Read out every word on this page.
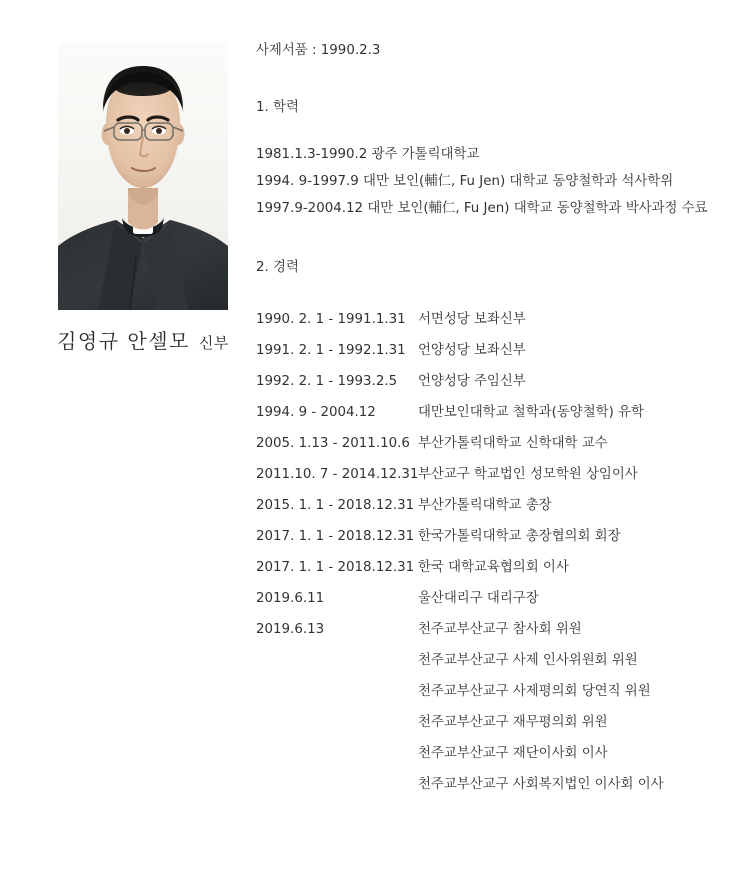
김영규 안셀모 신부
사제서품 : 1990.2.3
1. 학력
1981.1.3-1990.2 광주 가톨릭대학교
1994. 9-1997.9 대만 보인(輔仁, Fu Jen) 대학교 동양철학과 석사학위
1997.9-2004.12 대만 보인(輔仁, Fu Jen) 대학교 동양철학과 박사과정 수료
2. 경력
1990. 2. 1 - 1991.1.31 서면성당 보좌신부
1991. 2. 1 - 1992.1.31 언양성당 보좌신부
1992. 2. 1 - 1993.2.5	언양성당 주임신부
1994. 9 - 2004.12	대만보인대학교 철학과(동양철학) 유학
2005. 1.13 - 2011.10.6 부산가톨릭대학교 신학대학 교수
2011.10. 7 - 2014.12.31 부산교구 학교법인 성모학원 상임이사
2015. 1. 1 - 2018.12.31 부산가톨릭대학교 총장
2017. 1. 1 - 2018.12.31 한국가톨릭대학교 총장협의회 회장
2017. 1. 1 - 2018.12.31 한국 대학교육협의회 이사
2019.6.11	울산대리구 대리구장
2019.6.13	천주교부산교구 참사회 위원
천주교부산교구 사제 인사위원회 위원
천주교부산교구 사제평의회 당연직 위원
천주교부산교구 재무평의회 위원
천주교부산교구 재단이사회 이사
천주교부산교구 사회복지법인 이사회 이사
